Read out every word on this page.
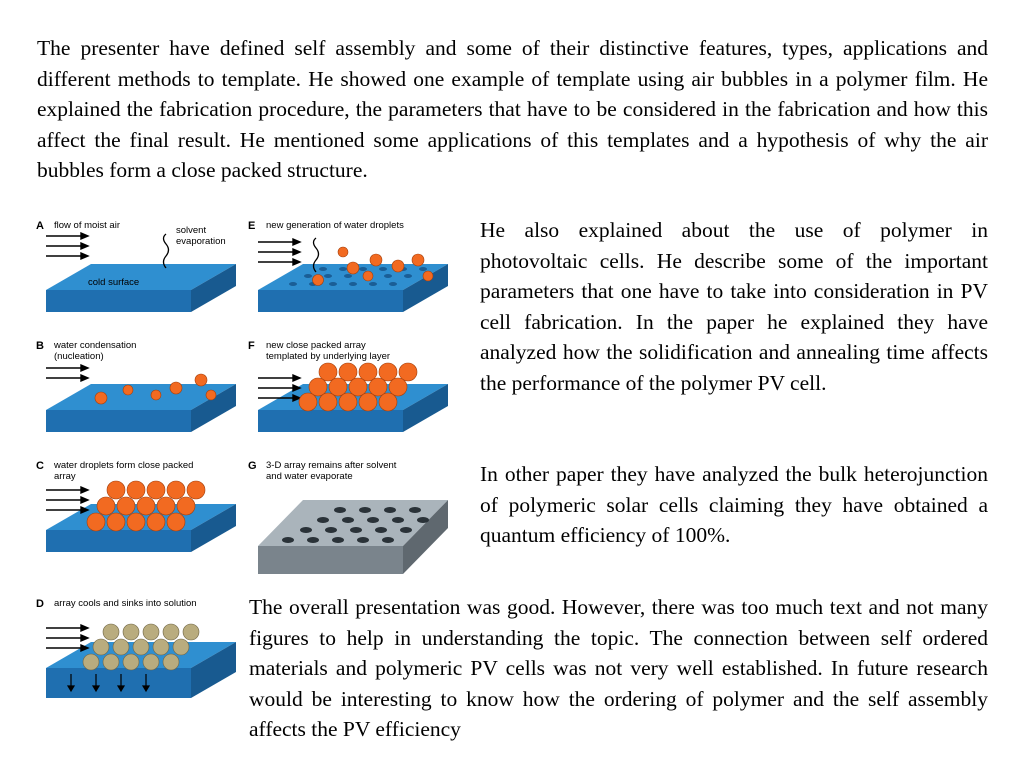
The presenter have defined self assembly and some of their distinctive features, types, applications and different methods to template. He showed one example of template using air bubbles in a polymer film. He explained the fabrication procedure, the parameters that have to be considered in the fabrication and how this affect the final result. He mentioned some applications of this templates and a hypothesis of why the air bubbles form a close packed structure.

He also explained about the use of polymer in photovoltaic cells. He describe some of the important parameters that one have to take into consideration in PV cell fabrication. In the paper he explained they have analyzed how the solidification and annealing time affects the performance of the polymer PV cell.

In other paper they have analyzed the bulk heterojunction of polymeric solar cells claiming they have obtained a quantum efficiency of 100%.

The overall presentation was good. However, there was too much text and not many figures to help in understanding the topic. The connection between self ordered materials and polymeric PV cells was not very well established. In future research would be interesting to know how the ordering of polymer and the self assembly affects the PV efficiency

A flow of moist air	solvent
evaporation
cold surface
B water condensation
(nucleation)
C water droplets form close packed
array
D array cools and sinks into solution
E new generation of water droplets
F new close packed array
templated by underlying layer
G 3-D array remains after solvent
and water evaporate
